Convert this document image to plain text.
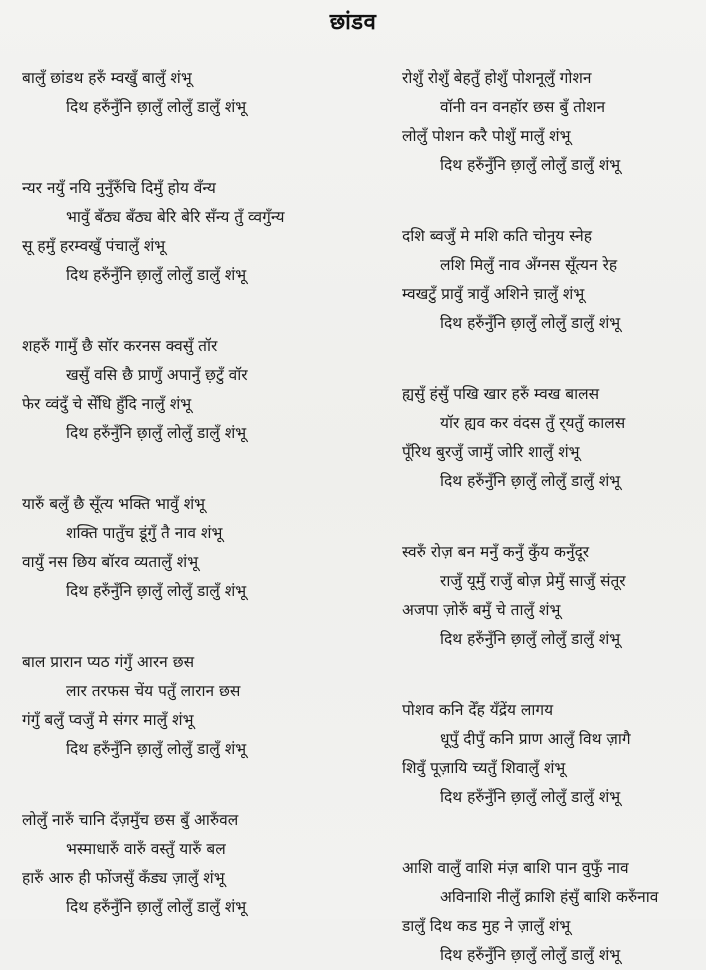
छांडव
बालुँ छांडथ हरुँ म्वखुँ बालुँ शंभू
दिथ हरुँनुँनि छ़ालुँ लोलुँ डालुँ शंभू
न्यर नयुँ नयि नुनुँरुँचि दिमुँ होय वँन्य
भावुँ बँठ्य बँठ्य बेरि बेरि सँन्य तुँ व्वगुँन्य
सू हमुँ हरम्वखुँ पंचालुँ शंभू
दिथ हरुँनुँनि छ़ालुँ लोलुँ डालुँ शंभू
शहरुँ गामुँ छै सॉर करनस क्वसुँ तॉर
खसुँ वसि छै प्राणुँ अपानुँ छ़टुँ वॉर
फेर व्वंदुँ चे सेँधि हुँदि नालुँ शंभू
दिथ हरुँनुँनि छ़ालुँ लोलुँ डालुँ शंभू
यारुँ बलुँ छै सूँत्य भक्ति भावुँ शंभू
शक्ति पातुँच डूंगुँ तै नाव शंभू
वायुँ नस छिय बॉरव व्यतालुँ शंभू
दिथ हरुँनुँनि छ़ालुँ लोलुँ डालुँ शंभू
बाल प्रारान प्यठ गंगुँ आरन छस
लार तरफस चेंय पतुँ लारान छस
गंगुँ बलुँ प्वजुँ मे संगर मालुँ शंभू
दिथ हरुँनुँनि छ़ालुँ लोलुँ डालुँ शंभू
लोलुँ नारुँ चानि दँज़मुँच छस बुँ आरुँवल
भस्माधारुँ वारुँ वस्तुँ यारुँ बल
हारुँ आरु ही फोंजसुँ कँड्य ज़ालुँ शंभू
दिथ हरुँनुँनि छ़ालुँ लोलुँ डालुँ शंभू
रोशुँ रोशुँ बेहतुँ होशुँ पोशनूलुँ गोशन
वॉनी वन वनहॉर छस बुँ तोशन
लोलुँ पोशन करै पोशुँ मालुँ शंभू
दिथ हरुँनुँनि छ़ालुँ लोलुँ डालुँ शंभू
दशि ब्वजुँ मे मशि कति चोनुय स्नेह
लशि मिलुँ नाव अँग्नस सूँत्यन रेह
म्वखटुँ प्रावुँ त्रावुँ अशिने च़ालुँ शंभू
दिथ हरुँनुँनि छ़ालुँ लोलुँ डालुँ शंभू
ह्यसुँ हंसुँ पखि खार हरुँ म्वख बालस
यॉर ह्यव कर वंदस तुँ र्‌यतुँ कालस
पूँरिथ बुरजुँ जामुँ जोरि शालुँ शंभू
दिथ हरुँनुँनि छ़ालुँ लोलुँ डालुँ शंभू
स्वरुँ रोज़ बन मनुँ कनुँ कुँय कनुँदूर
राजुँ यूमुँ राजुँ बोज़ प्रेमुँ साजुँ संतूर
अजपा ज़ोरुँ बमुँ चे तालुँ शंभू
दिथ हरुँनुँनि छ़ालुँ लोलुँ डालुँ शंभू
पोशव कनि देँह यँद्रेंय लागय
धूपुँ दीपुँ कनि प्राण आलुँ विथ ज़ागै
शिवुँ पूज़ायि च्यतुँ शिवालुँ शंभू
दिथ हरुँनुँनि छ़ालुँ लोलुँ डालुँ शंभू
आशि वालुँ वाशि मंज़ बाशि पान वुफुँ नाव
अविनाशि नीलुँ क्राशि हंसुँ बाशि करुँनाव
डालुँ दिथ कड मुह ने ज़ालुँ शंभू
दिथ हरुँनुँनि छ़ालुँ लोलुँ डालुँ शंभू
